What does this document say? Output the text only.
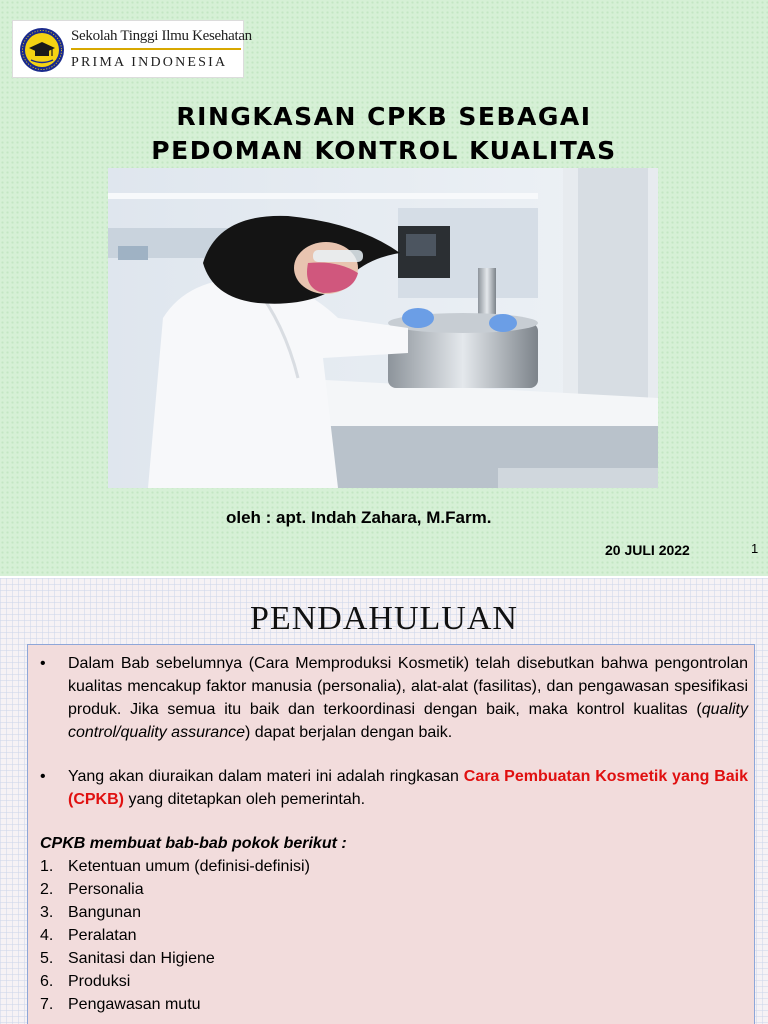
Sekolah Tinggi Ilmu Kesehatan
PRIMA INDONESIA
RINGKASAN CPKB SEBAGAI
PEDOMAN KONTROL KUALITAS
oleh : apt. Indah Zahara, M.Farm.
20 JULI 2022	1
PENDAHULUAN
• Dalam Bab sebelumnya (Cara Memproduksi Kosmetik) telah disebutkan bahwa pengontrolan kualitas mencakup faktor manusia (personalia), alat-alat (fasilitas), dan pengawasan spesifikasi produk. Jika semua itu baik dan terkoordinasi dengan baik, maka kontrol kualitas (quality control/quality assurance) dapat berjalan dengan baik.
• Yang akan diuraikan dalam materi ini adalah ringkasan Cara Pembuatan Kosmetik yang Baik (CPKB) yang ditetapkan oleh pemerintah.
CPKB membuat bab-bab pokok berikut :
1. Ketentuan umum (definisi-definisi)
2. Personalia
3. Bangunan
4. Peralatan
5. Sanitasi dan Higiene
6. Produksi
7. Pengawasan mutu
